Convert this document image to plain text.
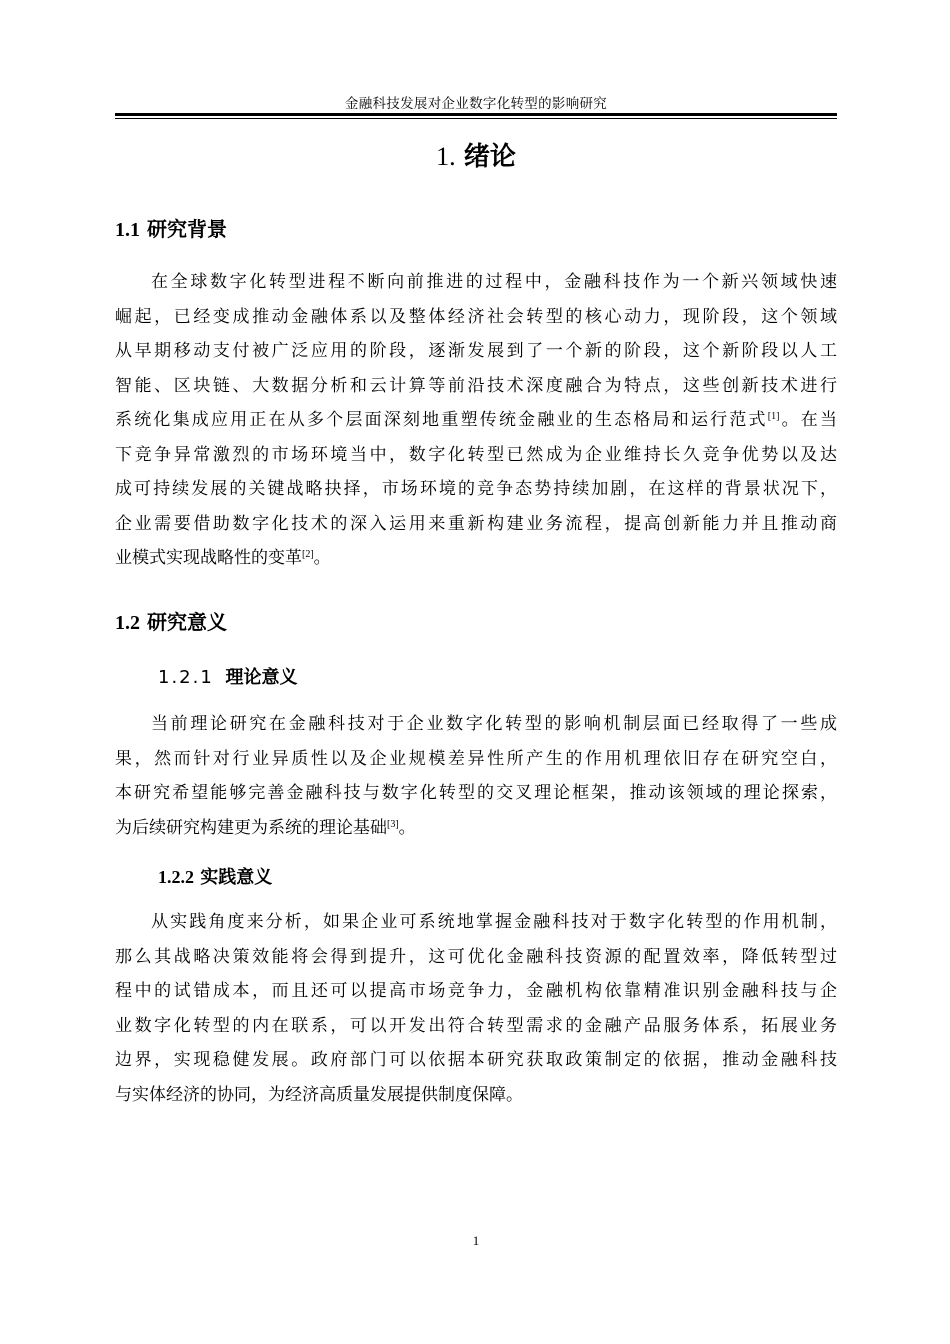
金融科技发展对企业数字化转型的影响研究
1. 绪论
1.1 研究背景
在全球数字化转型进程不断向前推进的过程中，金融科技作为一个新兴领域快速
崛起，已经变成推动金融体系以及整体经济社会转型的核心动力，现阶段，这个领域
从早期移动支付被广泛应用的阶段，逐渐发展到了一个新的阶段，这个新阶段以人工
智能、区块链、大数据分析和云计算等前沿技术深度融合为特点，这些创新技术进行
系统化集成应用正在从多个层面深刻地重塑传统金融业的生态格局和运行范式[1]。在当
下竞争异常激烈的市场环境当中，数字化转型已然成为企业维持长久竞争优势以及达
成可持续发展的关键战略抉择，市场环境的竞争态势持续加剧，在这样的背景状况下，
企业需要借助数字化技术的深入运用来重新构建业务流程，提高创新能力并且推动商
业模式实现战略性的变革[2]。
1.2 研究意义
1.2.1 理论意义
当前理论研究在金融科技对于企业数字化转型的影响机制层面已经取得了一些成
果，然而针对行业异质性以及企业规模差异性所产生的作用机理依旧存在研究空白，
本研究希望能够完善金融科技与数字化转型的交叉理论框架，推动该领域的理论探索，
为后续研究构建更为系统的理论基础[3]。
1.2.2 实践意义
从实践角度来分析，如果企业可系统地掌握金融科技对于数字化转型的作用机制，
那么其战略决策效能将会得到提升，这可优化金融科技资源的配置效率，降低转型过
程中的试错成本，而且还可以提高市场竞争力，金融机构依靠精准识别金融科技与企
业数字化转型的内在联系，可以开发出符合转型需求的金融产品服务体系，拓展业务
边界，实现稳健发展。政府部门可以依据本研究获取政策制定的依据，推动金融科技
与实体经济的协同，为经济高质量发展提供制度保障。
1
